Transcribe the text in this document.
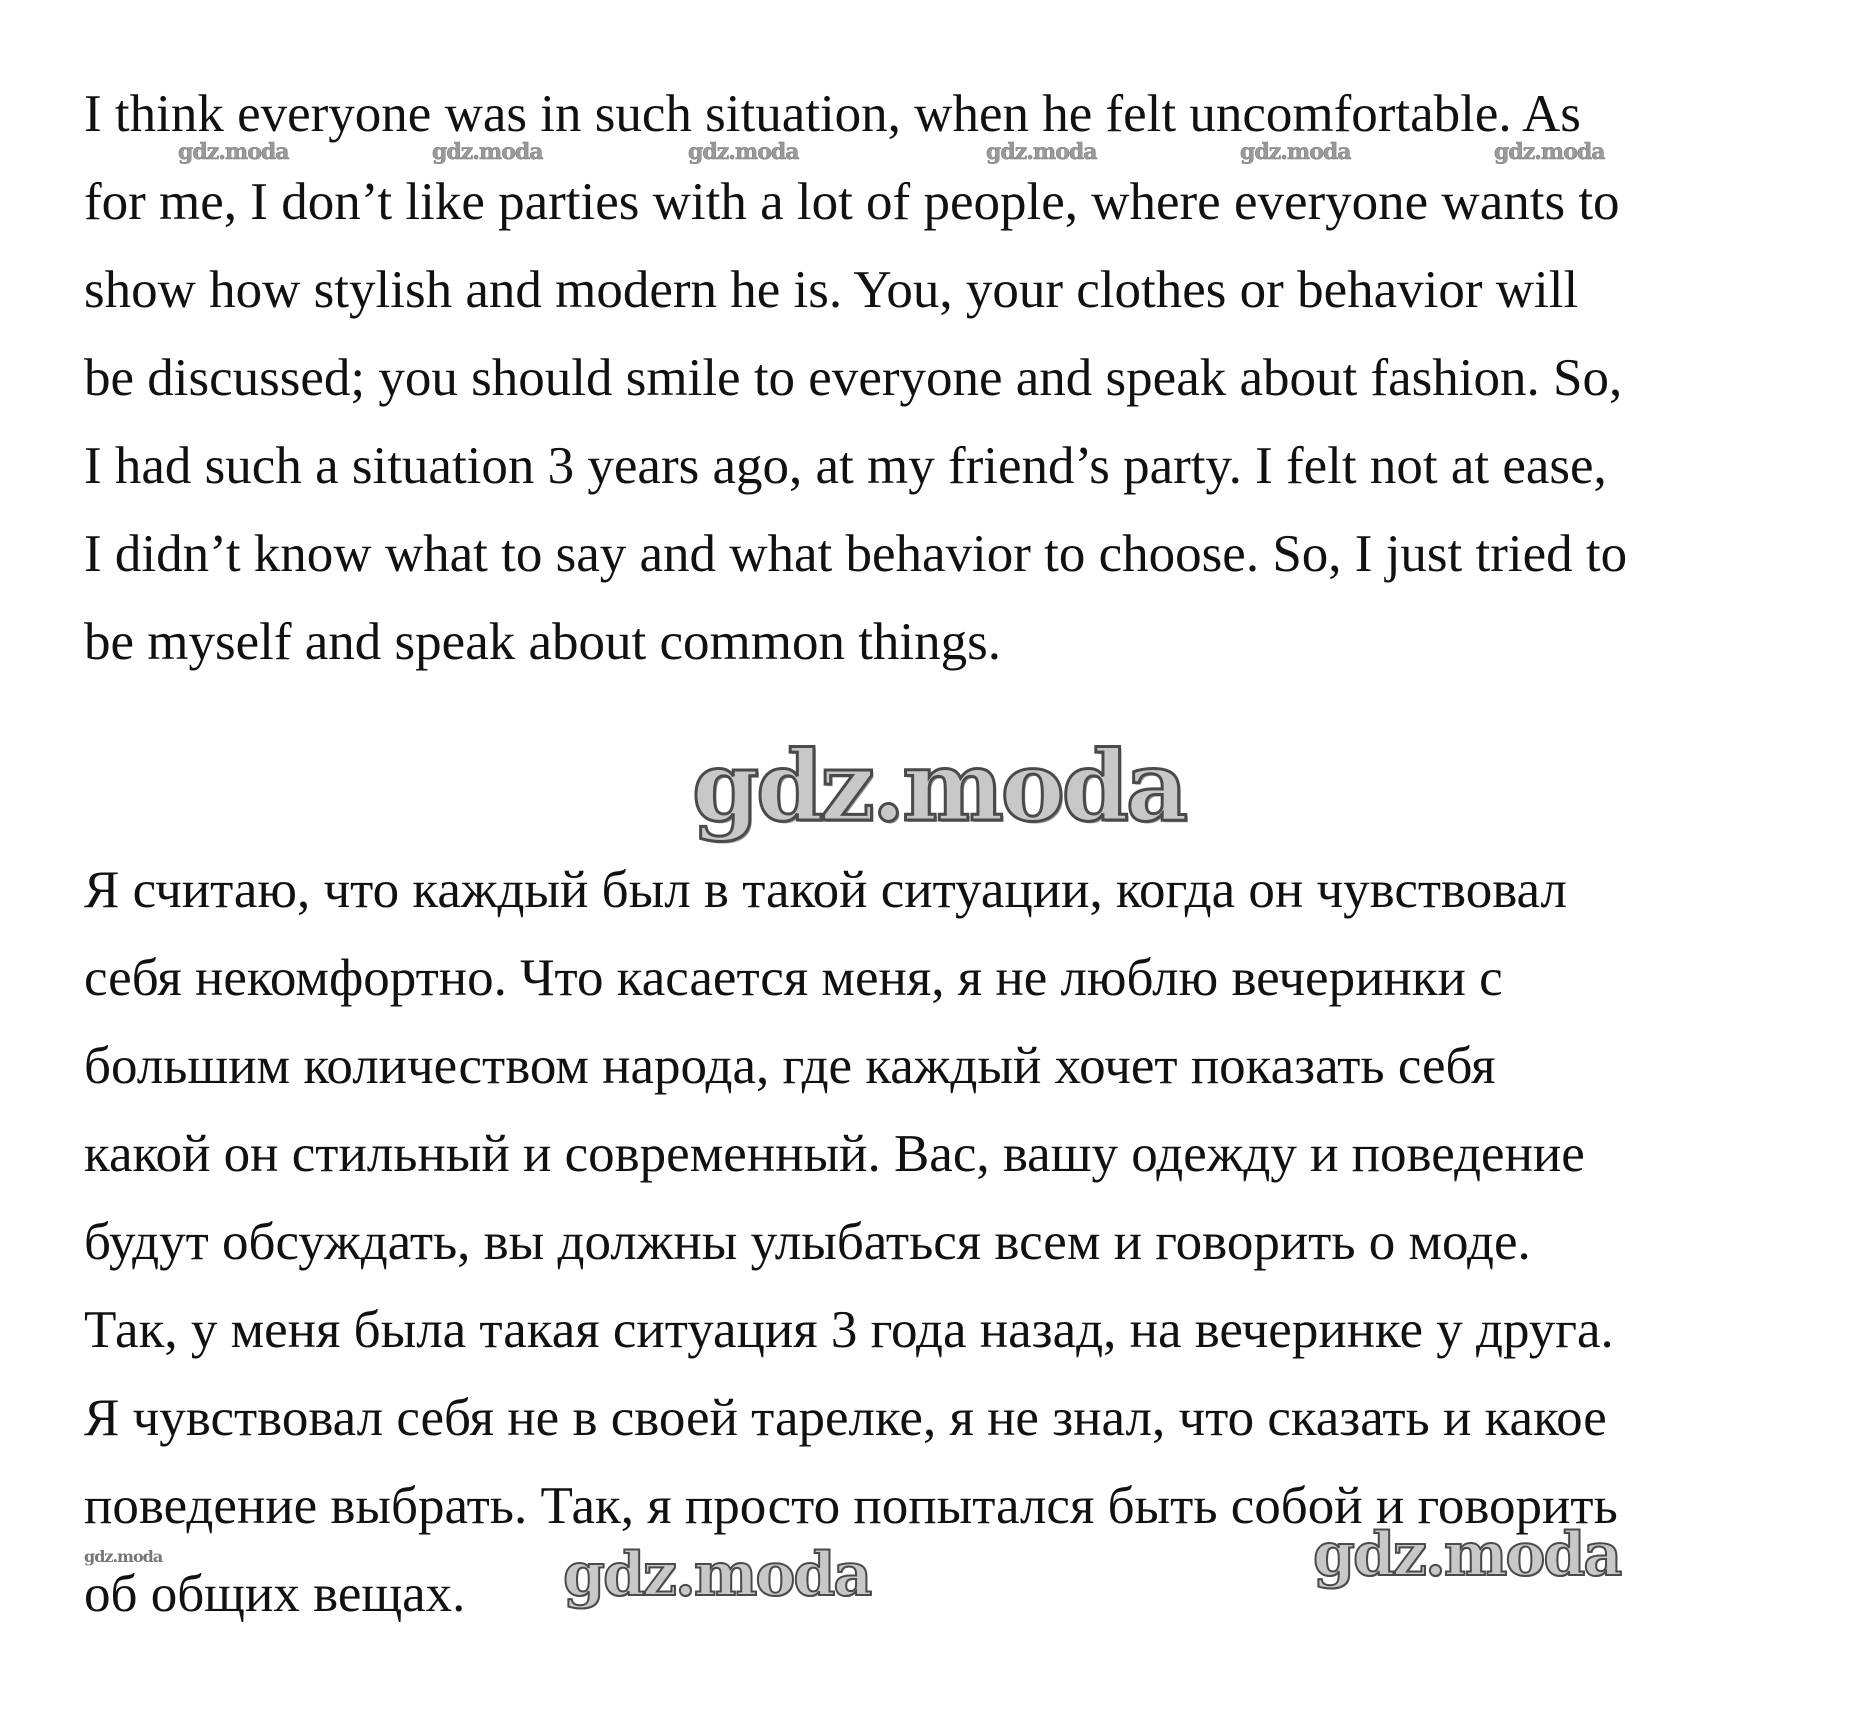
I think everyone was in such situation, when he felt uncomfortable. As
for me, I don’t like parties with a lot of people, where everyone wants to
show how stylish and modern he is. You, your clothes or behavior will
be discussed; you should smile to everyone and speak about fashion. So,
I had such a situation 3 years ago, at my friend’s party. I felt not at ease,
I didn’t know what to say and what behavior to choose. So, I just tried to
be myself and speak about common things.

gdz.moda	gdz.moda	gdz.moda	gdz.moda	gdz.moda	gdz.moda
gdz.moda

Я считаю, что каждый был в такой ситуации, когда он чувствовал
себя некомфортно. Что касается меня, я не люблю вечеринки с
большим количеством народа, где каждый хочет показать себя
какой он стильный и современный. Вас, вашу одежду и поведение
будут обсуждать, вы должны улыбаться всем и говорить о моде.
Так, у меня была такая ситуация 3 года назад, на вечеринке у друга.
Я чувствовал себя не в своей тарелке, я не знал, что сказать и какое
поведение выбрать. Так, я просто попытался быть собой и говорить
об общих вещах.

gdz.moda	gdz.moda	gdz.moda
